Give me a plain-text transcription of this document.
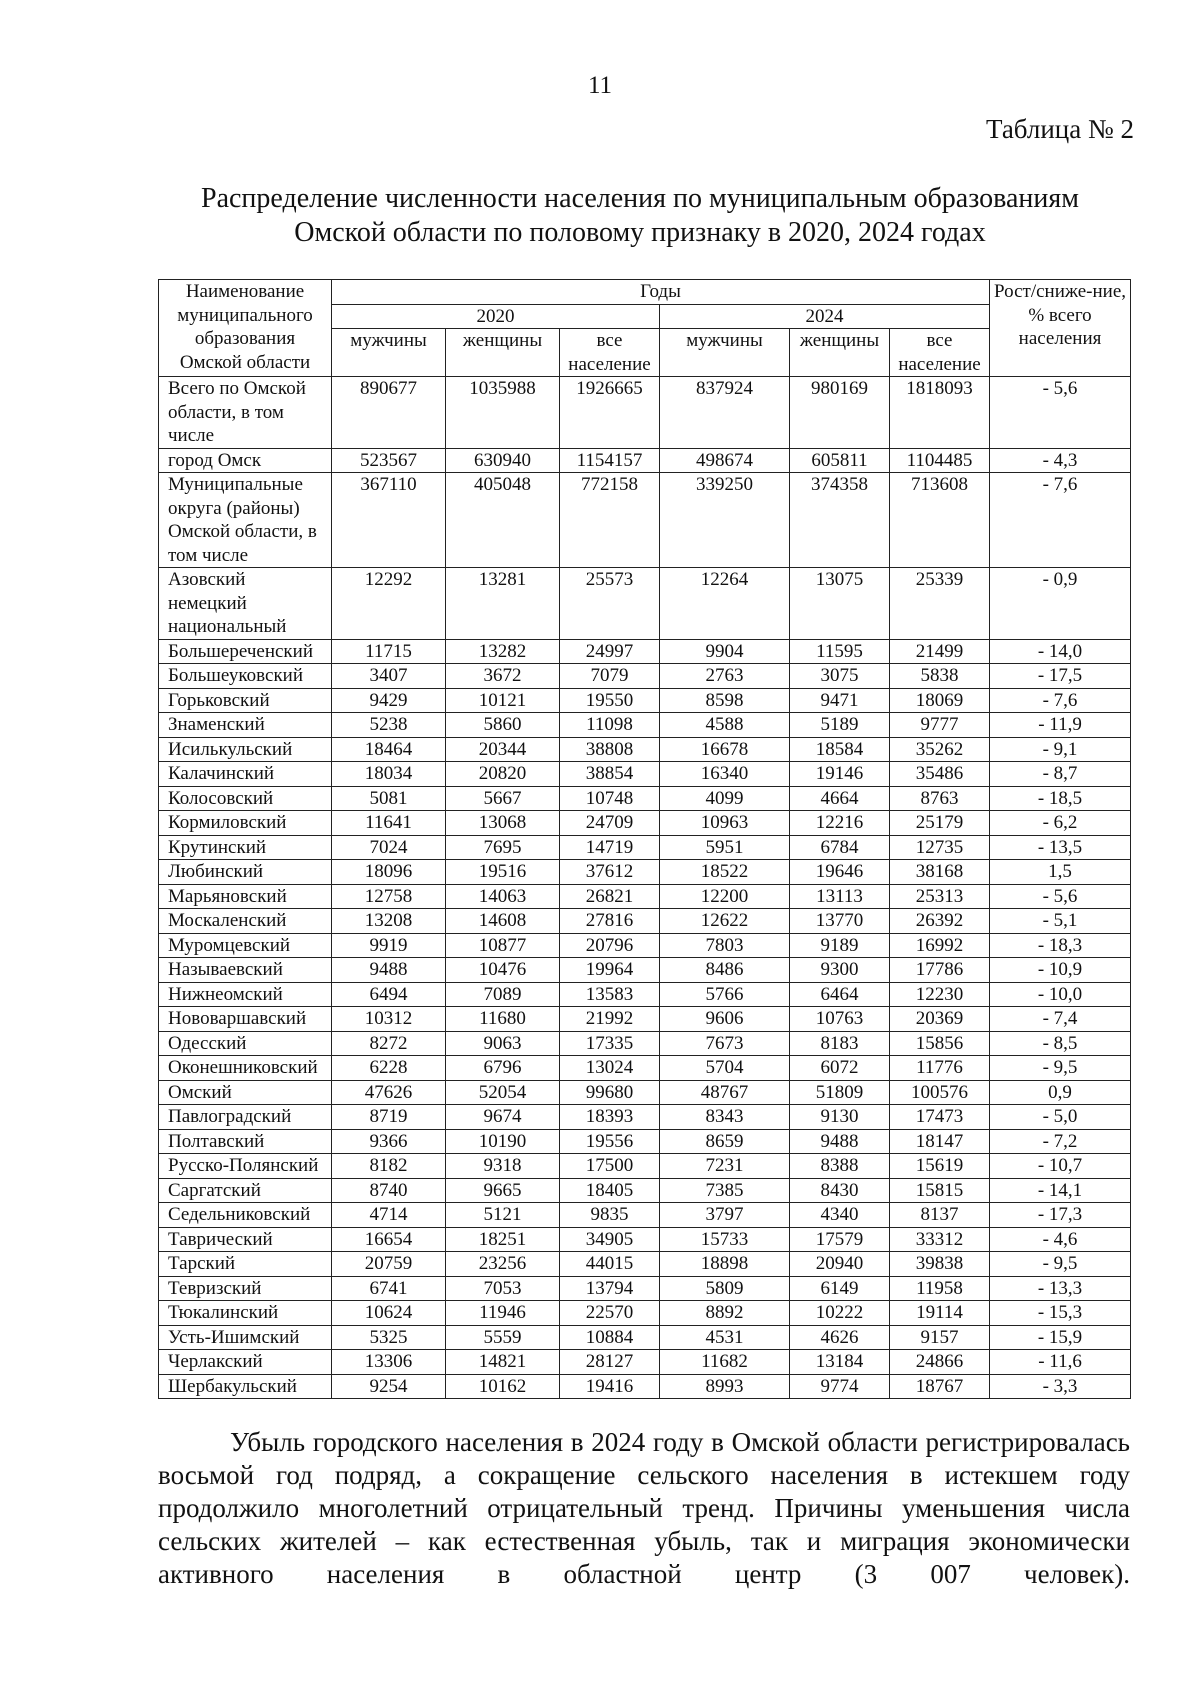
11
Таблица № 2
Распределение численности населения по муниципальным образованиям
Омской области по половому признаку в 2020, 2024 годах
Наименование муниципального образования Омской области	Годы						Рост/сниже-ние, % всего населения
	2020			2024			
	мужчины	женщины	все население	мужчины	женщины	все население	
Всего по Омской области, в том числе	890677	1035988	1926665	837924	980169	1818093	- 5,6
город Омск	523567	630940	1154157	498674	605811	1104485	- 4,3
Муниципальные округа (районы) Омской области, в том числе	367110	405048	772158	339250	374358	713608	- 7,6
Азовский немецкий национальный	12292	13281	25573	12264	13075	25339	- 0,9
Большереченский	11715	13282	24997	9904	11595	21499	- 14,0
Большеуковский	3407	3672	7079	2763	3075	5838	- 17,5
Горьковский	9429	10121	19550	8598	9471	18069	- 7,6
Знаменский	5238	5860	11098	4588	5189	9777	- 11,9
Исилькульский	18464	20344	38808	16678	18584	35262	- 9,1
Калачинский	18034	20820	38854	16340	19146	35486	- 8,7
Колосовский	5081	5667	10748	4099	4664	8763	- 18,5
Кормиловский	11641	13068	24709	10963	12216	25179	- 6,2
Крутинский	7024	7695	14719	5951	6784	12735	- 13,5
Любинский	18096	19516	37612	18522	19646	38168	1,5
Марьяновский	12758	14063	26821	12200	13113	25313	- 5,6
Москаленский	13208	14608	27816	12622	13770	26392	- 5,1
Муромцевский	9919	10877	20796	7803	9189	16992	- 18,3
Называевский	9488	10476	19964	8486	9300	17786	- 10,9
Нижнеомский	6494	7089	13583	5766	6464	12230	- 10,0
Нововаршавский	10312	11680	21992	9606	10763	20369	- 7,4
Одесский	8272	9063	17335	7673	8183	15856	- 8,5
Оконешниковский	6228	6796	13024	5704	6072	11776	- 9,5
Омский	47626	52054	99680	48767	51809	100576	0,9
Павлоградский	8719	9674	18393	8343	9130	17473	- 5,0
Полтавский	9366	10190	19556	8659	9488	18147	- 7,2
Русско-Полянский	8182	9318	17500	7231	8388	15619	- 10,7
Саргатский	8740	9665	18405	7385	8430	15815	- 14,1
Седельниковский	4714	5121	9835	3797	4340	8137	- 17,3
Таврический	16654	18251	34905	15733	17579	33312	- 4,6
Тарский	20759	23256	44015	18898	20940	39838	- 9,5
Тевризский	6741	7053	13794	5809	6149	11958	- 13,3
Тюкалинский	10624	11946	22570	8892	10222	19114	- 15,3
Усть-Ишимский	5325	5559	10884	4531	4626	9157	- 15,9
Черлакский	13306	14821	28127	11682	13184	24866	- 11,6
Шербакульский	9254	10162	19416	8993	9774	18767	- 3,3
Убыль городского населения в 2024 году в Омской области регистрировалась восьмой год подряд, а сокращение сельского населения в истекшем году продолжило многолетний отрицательный тренд. Причины уменьшения числа сельских жителей – как естественная убыль, так и миграция экономически активного населения в областной центр (3 007 человек).
